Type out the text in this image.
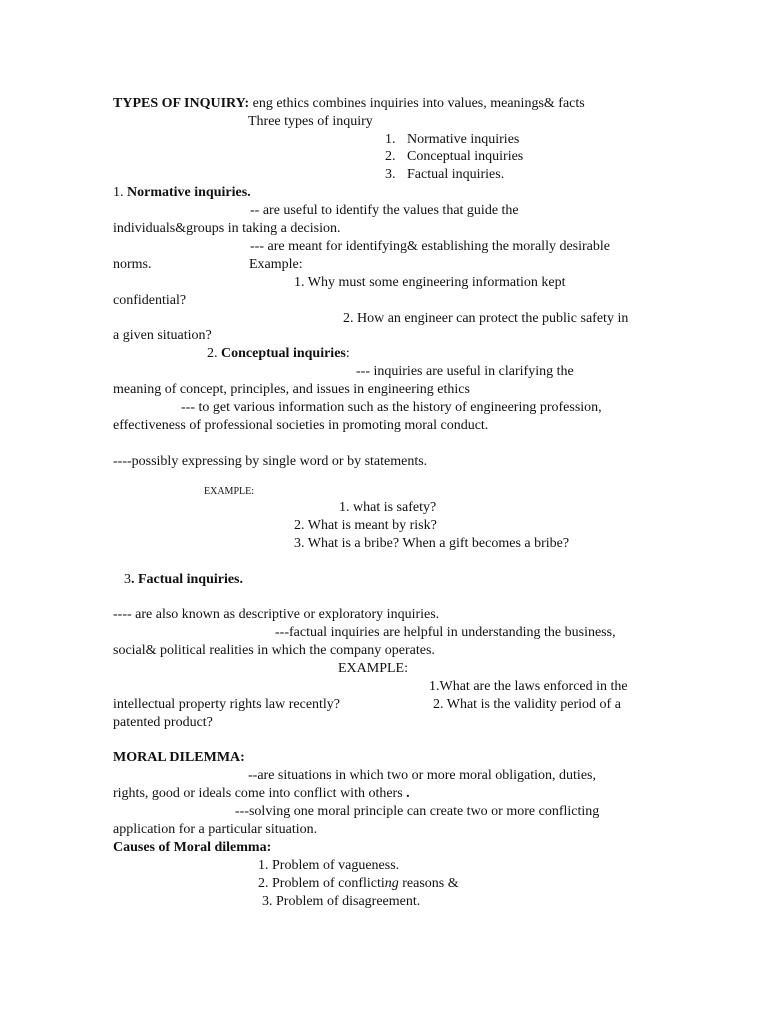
TYPES OF INQUIRY: eng ethics combines inquiries into values, meanings& facts
Three types of inquiry
1. Normative inquiries
2. Conceptual inquiries
3. Factual inquiries.
1. Normative inquiries.
-- are useful to identify the values that guide the
individuals&groups in taking a decision.
--- are meant for identifying& establishing the morally desirable
norms.	Example:
1. Why must some engineering information kept
confidential?
2. How an engineer can protect the public safety in
a given situation?
2. Conceptual inquiries:
--- inquiries are useful in clarifying the
meaning of concept, principles, and issues in engineering ethics
--- to get various information such as the history of engineering profession,
effectiveness of professional societies in promoting moral conduct.
----possibly expressing by single word or by statements.
EXAMPLE:
1. what is safety?
2. What is meant by risk?
3. What is a bribe? When a gift becomes a bribe?
3. Factual inquiries.
---- are also known as descriptive or exploratory inquiries.
---factual inquiries are helpful in understanding the business,
social& political realities in which the company operates.
EXAMPLE:
1.What are the laws enforced in the
intellectual property rights law recently?	2. What is the validity period of a
patented product?
MORAL DILEMMA:
--are situations in which two or more moral obligation, duties,
rights, good or ideals come into conflict with others .
---solving one moral principle can create two or more conflicting
application for a particular situation.
Causes of Moral dilemma:
1. Problem of vagueness.
2. Problem of conflicting reasons &
3. Problem of disagreement.
